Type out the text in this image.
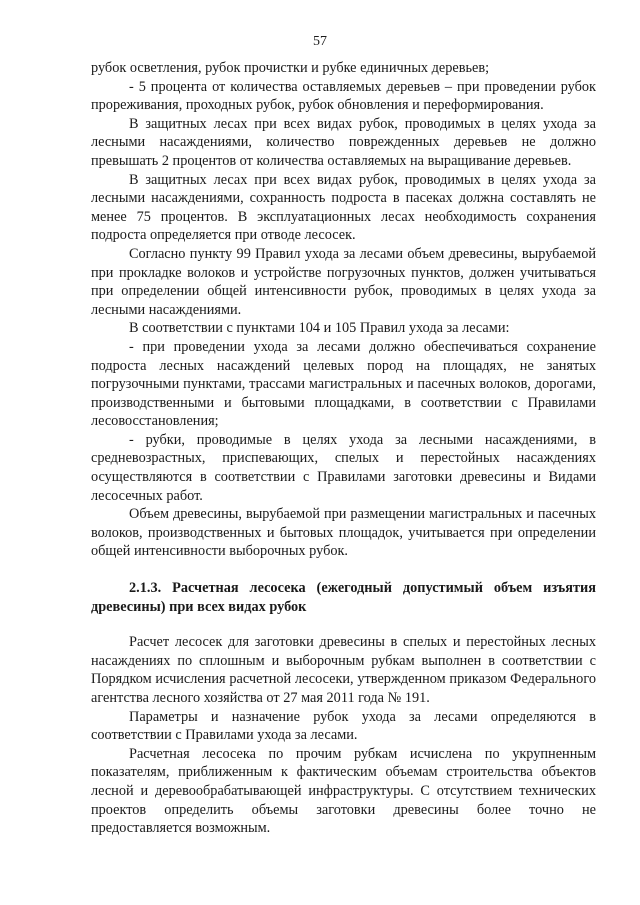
57

рубок осветления, рубок прочистки и рубке единичных деревьев;

- 5 процента от количества оставляемых деревьев – при проведении рубок прореживания, проходных рубок, рубок обновления и переформирования.

В защитных лесах при всех видах рубок, проводимых в целях ухода за лесными насаждениями, количество поврежденных деревьев не должно превышать 2 процентов от количества оставляемых на выращивание деревьев.

В защитных лесах при всех видах рубок, проводимых в целях ухода за лесными насаждениями, сохранность подроста в пасеках должна составлять не менее 75 процентов. В эксплуатационных лесах необходимость сохранения подроста определяется при отводе лесосек.

Согласно пункту 99 Правил ухода за лесами объем древесины, вырубаемой при прокладке волоков и устройстве погрузочных пунктов, должен учитываться при определении общей интенсивности рубок, проводимых в целях ухода за лесными насаждениями.

В соответствии с пунктами 104 и 105 Правил ухода за лесами:

- при проведении ухода за лесами должно обеспечиваться сохранение подроста лесных насаждений целевых пород на площадях, не занятых погрузочными пунктами, трассами магистральных и пасечных волоков, дорогами, производственными и бытовыми площадками, в соответствии с Правилами лесовосстановления;

- рубки, проводимые в целях ухода за лесными насаждениями, в средневозрастных, приспевающих, спелых и перестойных насаждениях осуществляются в соответствии с Правилами заготовки древесины и Видами лесосечных работ.

Объем древесины, вырубаемой при размещении магистральных и пасечных волоков, производственных и бытовых площадок, учитывается при определении общей интенсивности выборочных рубок.

2.1.3. Расчетная лесосека (ежегодный допустимый объем изъятия древесины) при всех видах рубок

Расчет лесосек для заготовки древесины в спелых и перестойных лесных насаждениях по сплошным и выборочным рубкам выполнен в соответствии с Порядком исчисления расчетной лесосеки, утвержденном приказом Федерального агентства лесного хозяйства от 27 мая 2011 года № 191.

Параметры и назначение рубок ухода за лесами определяются в соответствии с Правилами ухода за лесами.

Расчетная лесосека по прочим рубкам исчислена по укрупненным показателям, приближенным к фактическим объемам строительства объектов лесной и деревообрабатывающей инфраструктуры. С отсутствием технических проектов определить объемы заготовки древесины более точно не предоставляется возможным.
